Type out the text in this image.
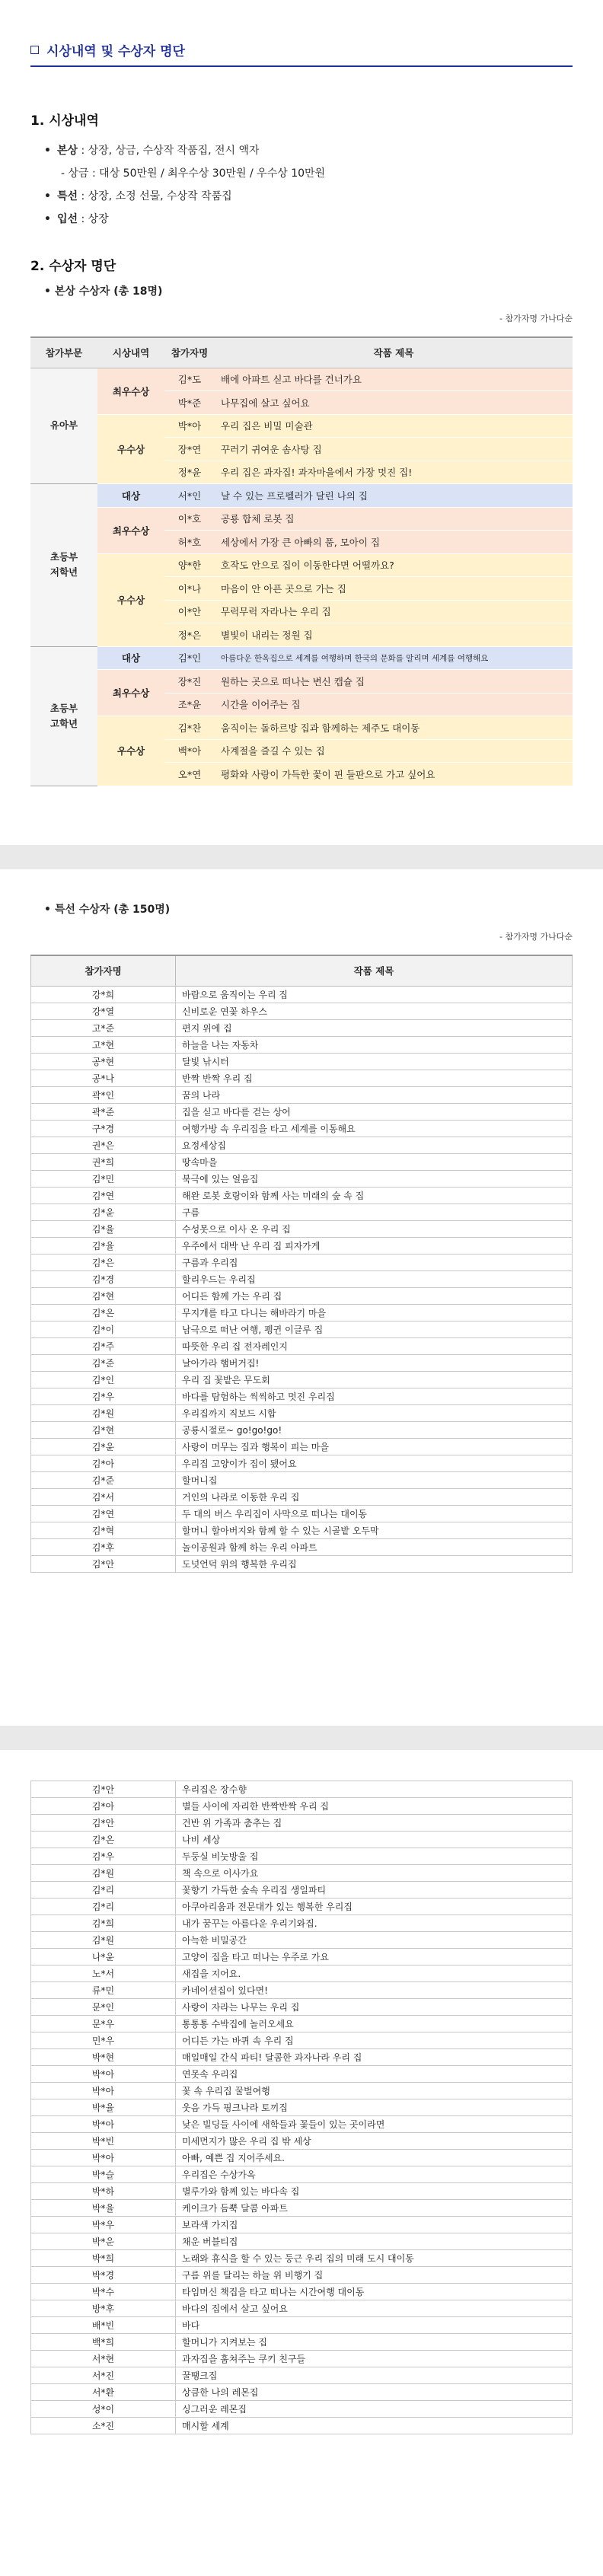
시상내역 및 수상자 명단
1. 시상내역
• 본상 : 상장, 상금, 수상작 작품집, 전시 액자
- 상금 : 대상 50만원 / 최우수상 30만원 / 우수상 10만원
• 특선 : 상장, 소정 선물, 수상작 작품집
• 입선 : 상장
2. 수상자 명단
• 본상 수상자 (총 18명)
- 참가자명 가나다순
참가부문	시상내역	참가자명	작품 제목
유아부	최우수상	김*도	배에 아파트 싣고 바다를 건너가요
		박*준	나무집에 살고 싶어요
	우수상	박*아	우리 집은 비밀 미술관
		장*연	꾸러기 귀여운 솜사탕 집
		정*윤	우리 집은 과자집! 과자마을에서 가장 멋진 집!
초등부
저학년	대상	서*인	날 수 있는 프로펠러가 달린 나의 집
	최우수상	이*호	공룡 합체 로봇 집
		허*호	세상에서 가장 큰 아빠의 품, 모아이 집
	우수상	양*한	호작도 안으로 집이 이동한다면 어떨까요?
		이*나	마음이 안 아픈 곳으로 가는 집
		이*안	무럭무럭 자라나는 우리 집
		정*은	별빛이 내리는 정원 집
초등부
고학년	대상	김*인	아름다운 한옥집으로 세계를 여행하며 한국의 문화를 알리며 세계를 여행해요
	최우수상	장*진	원하는 곳으로 떠나는 변신 캡슐 집
		조*윤	시간을 이어주는 집
	우수상	김*찬	움직이는 돌하르방 집과 함께하는 제주도 대이동
		백*아	사계절을 즐길 수 있는 집
		오*연	평화와 사랑이 가득한 꽃이 핀 들판으로 가고 싶어요
• 특선 수상자 (총 150명)
- 참가자명 가나다순
참가자명	작품 제목
강*희	바람으로 움직이는 우리 집
강*열	신비로운 연꽃 하우스
고*준	편지 위에 집
고*현	하늘을 나는 자동차
공*현	달빛 낚시터
공*나	반짝 반짝 우리 집
곽*인	꿈의 나라
곽*준	집을 싣고 바다를 걷는 상어
구*경	여행가방 속 우리집을 타고 세계를 이동해요
권*은	요정세상집
권*희	땅속마을
김*민	북극에 있는 얼음집
김*연	해완 로봇 호랑이와 함께 사는 미래의 숲 속 집
김*윤	구름
김*율	수성못으로 이사 온 우리 집
김*율	우주에서 대박 난 우리 집 피자가게
김*은	구름과 우리집
김*경	할리우드는 우리집
김*현	어디든 함께 가는 우리 집
김*온	무지개를 타고 다니는 해바라기 마을
김*이	남극으로 떠난 여행, 펭귄 이글루 집
김*주	따뜻한 우리 집 전자레인지
김*준	날아가라 햄버거집!
김*인	우리 집 꽃밭은 무도회
김*우	바다를 탐험하는 씩씩하고 멋진 우리집
김*원	우리집까지 직보드 시합
김*현	공룡시절로~ go!go!go!
김*윤	사랑이 머무는 집과 행복이 피는 마을
김*아	우리집 고양이가 집이 됐어요
김*준	할머니집
김*서	거인의 나라로 이동한 우리 집
김*연	두 대의 버스 우리집이 사막으로 떠나는 대이동
김*혁	할머니 할아버지와 함께 할 수 있는 시골밭 오두막
김*후	놀이공원과 함께 하는 우리 아파트
김*안	도넛언덕 위의 행복한 우리집
김*안	우리집은 장수향
김*아	별들 사이에 자리한 반짝반짝 우리 집
김*안	건반 위 가족과 춤추는 집
김*온	나비 세상
김*우	두둥실 비눗방울 집
김*원	책 속으로 이사가요
김*리	꽃향기 가득한 숲속 우리집 생일파티
김*리	아쿠아리움과 전문대가 있는 행복한 우리집
김*희	내가 꿈꾸는 아름다운 우리기와집.
김*원	아늑한 비밀공간
나*윤	고양이 집을 타고 떠나는 우주로 가요
노*서	새집을 지어요.
류*민	카네이션집이 있다면!
문*인	사랑이 자라는 나무는 우리 집
문*우	통통통 수박집에 놀러오세요
민*우	어디든 가는 바퀴 속 우리 집
박*현	매일매일 간식 파티! 달콤한 과자나라 우리 집
박*아	연못속 우리집
박*아	꽃 속 우리집 꿀벌여행
박*율	웃음 가득 핑크나라 토끼집
박*아	낮은 빌딩들 사이에 새학들과 꽃들이 있는 곳이라면
박*빈	미세먼지가 많은 우리 집 밖 세상
박*아	아빠, 예쁜 집 지어주세요.
박*슬	우리집은 수상가옥
박*하	별루가와 함께 있는 바다속 집
박*율	케이크가 듬뿍 달콤 아파트
박*우	보라색 가지집
박*운	채운 버블티집
박*희	노래와 휴식을 할 수 있는 둥근 우리 집의 미래 도시 대이동
박*경	구름 위를 달리는 하늘 위 비행기 집
박*수	타임머신 책집을 타고 떠나는 시간여행 대이동
방*후	바다의 집에서 살고 싶어요
배*빈	바다
백*희	할머니가 지켜보는 집
서*현	과자집을 훔쳐주는 쿠키 친구들
서*진	꿀땡크집
서*환	상큼한 나의 레몬집
성*이	싱그러운 레몬집
소*진	매시할 세계
